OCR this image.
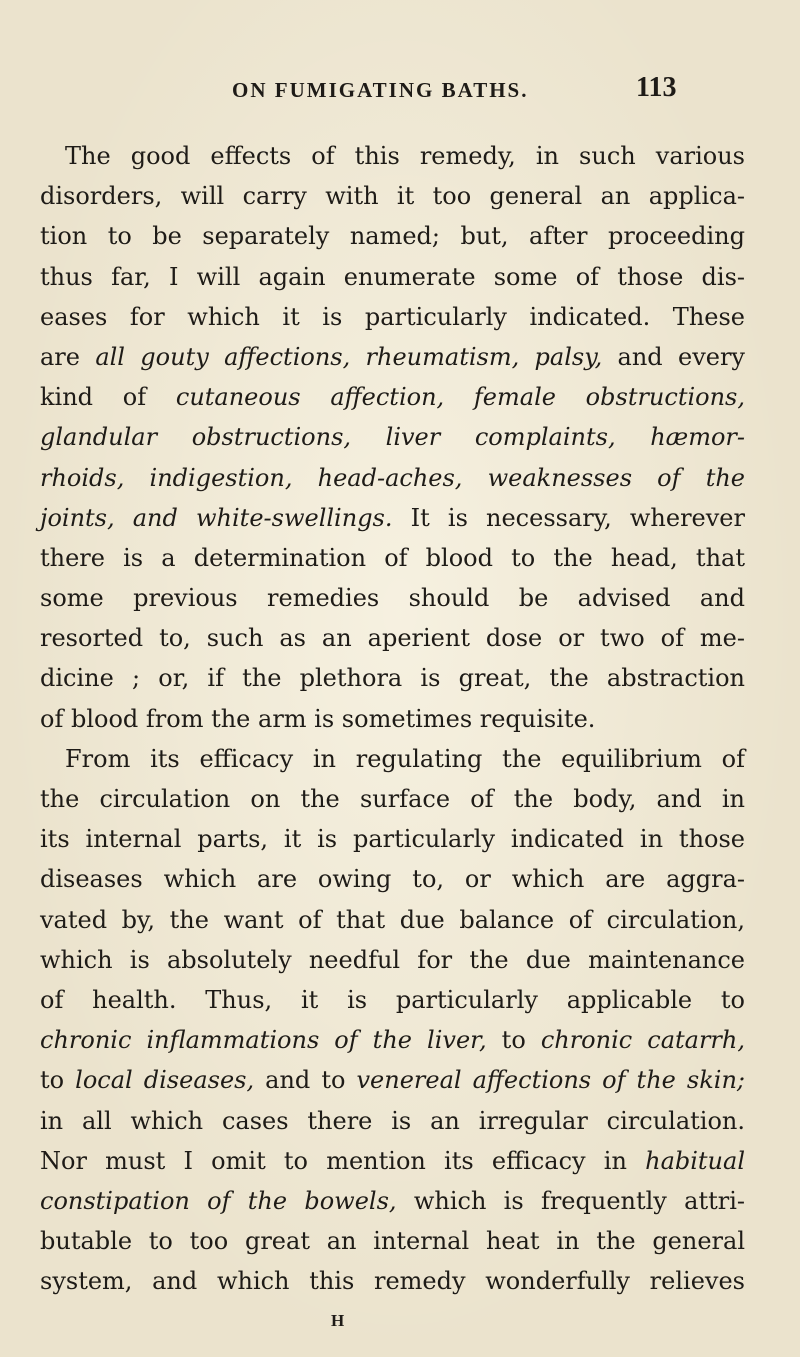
ON FUMIGATING BATHS.	113
The good effects of this remedy, in such various
disorders, will carry with it too general an applica-
tion to be separately named; but, after proceeding
thus far, I will again enumerate some of those dis-
eases for which it is particularly indicated. These
are all gouty affections, rheumatism, palsy, and every
kind of cutaneous affection, female obstructions,
glandular obstructions, liver complaints, hæmor-
rhoids, indigestion, head-aches, weaknesses of the
joints, and white-swellings. It is necessary, wherever
there is a determination of blood to the head, that
some previous remedies should be advised and
resorted to, such as an aperient dose or two of me-
dicine ; or, if the plethora is great, the abstraction
of blood from the arm is sometimes requisite.
From its efficacy in regulating the equilibrium of
the circulation on the surface of the body, and in
its internal parts, it is particularly indicated in those
diseases which are owing to, or which are aggra-
vated by, the want of that due balance of circulation,
which is absolutely needful for the due maintenance
of health. Thus, it is particularly applicable to
chronic inflammations of the liver, to chronic catarrh,
to local diseases, and to venereal affections of the skin;
in all which cases there is an irregular circulation.
Nor must I omit to mention its efficacy in habitual
constipation of the bowels, which is frequently attri-
butable to too great an internal heat in the general
system, and which this remedy wonderfully relieves
H
